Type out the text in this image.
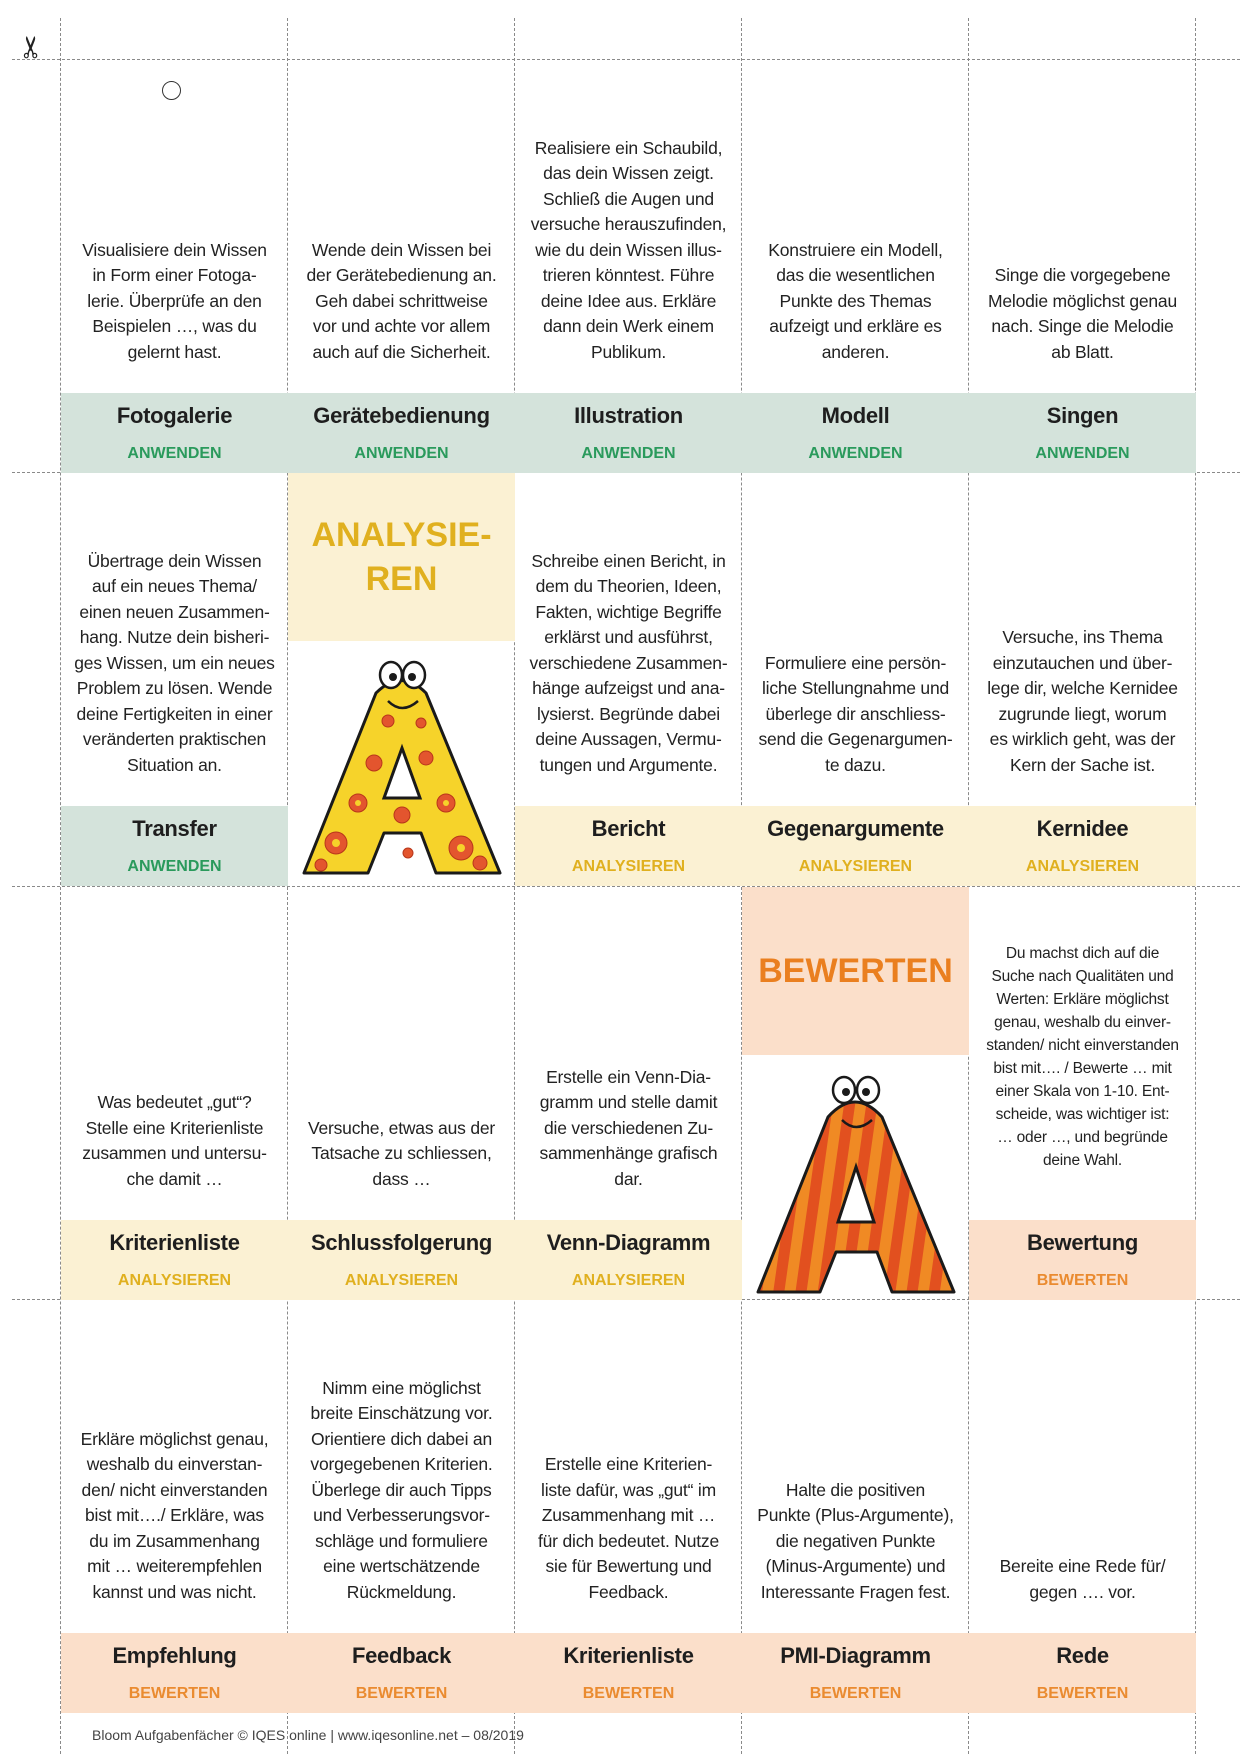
✂
Visualisiere dein Wissen
in Form einer Fotoga-
lerie. Überprüfe an den
Beispielen …, was du
gelernt hast.
Fotogalerie
ANWENDEN
Wende dein Wissen bei
der Gerätebedienung an.
Geh dabei schrittweise
vor und achte vor allem
auch auf die Sicherheit.
Gerätebedienung
ANWENDEN
Realisiere ein Schaubild,
das dein Wissen zeigt.
Schließ die Augen und
versuche herauszufinden,
wie du dein Wissen illus-
trieren könntest. Führe
deine Idee aus. Erkläre
dann dein Werk einem
Publikum.
Illustration
ANWENDEN
Konstruiere ein Modell,
das die wesentlichen
Punkte des Themas
aufzeigt und erkläre es
anderen.
Modell
ANWENDEN
Singe die vorgegebene
Melodie möglichst genau
nach. Singe die Melodie
ab Blatt.
Singen
ANWENDEN
Übertrage dein Wissen
auf ein neues Thema/
einen neuen Zusammen-
hang. Nutze dein bisheri-
ges Wissen, um ein neues
Problem zu lösen. Wende
deine Fertigkeiten in einer
veränderten praktischen
Situation an.
Transfer
ANWENDEN
ANALYSIE-
REN	Schreibe einen Bericht, in
dem du Theorien, Ideen,
Fakten, wichtige Begriffe
erklärst und ausführst,
verschiedene Zusammen-
hänge aufzeigst und ana-
lysierst. Begründe dabei
deine Aussagen, Vermu-
tungen und Argumente.
Bericht
ANALYSIEREN
Formuliere eine persön-
liche Stellungnahme und
überlege dir anschliess-
send die Gegenargumen-
te dazu.
Gegenargumente
ANALYSIEREN
Versuche, ins Thema
einzutauchen und über-
lege dir, welche Kernidee
zugrunde liegt, worum
es wirklich geht, was der
Kern der Sache ist.
Kernidee
ANALYSIEREN
Was bedeutet „gut“?
Stelle eine Kriterienliste
zusammen und untersu-
che damit …
Kriterienliste
ANALYSIEREN
Versuche, etwas aus der
Tatsache zu schliessen,
dass …
Schlussfolgerung
ANALYSIEREN
Erstelle ein Venn-Dia-
gramm und stelle damit
die verschiedenen Zu-
sammenhänge grafisch
dar.
Venn-Diagramm
ANALYSIEREN
BEWERTEN	Du machst dich auf die
Suche nach Qualitäten und
Werten: Erkläre möglichst
genau, weshalb du einver-
standen/ nicht einverstanden
bist mit…. / Bewerte … mit
einer Skala von 1-10. Ent-
scheide, was wichtiger ist:
… oder …, und begründe
deine Wahl.
Bewertung
BEWERTEN
Erkläre möglichst genau,
weshalb du einverstan-
den/ nicht einverstanden
bist mit…./ Erkläre, was
du im Zusammenhang
mit … weiterempfehlen
kannst und was nicht.
Empfehlung
BEWERTEN
Nimm eine möglichst
breite Einschätzung vor.
Orientiere dich dabei an
vorgegebenen Kriterien.
Überlege dir auch Tipps
und Verbesserungsvor-
schläge und formuliere
eine wertschätzende
Rückmeldung.
Feedback
BEWERTEN
Erstelle eine Kriterien-
liste dafür, was „gut“ im
Zusammenhang mit …
für dich bedeutet. Nutze
sie für Bewertung und
Feedback.
Kriterienliste
BEWERTEN
Halte die positiven
Punkte (Plus-Argumente),
die negativen Punkte
(Minus-Argumente) und
Interessante Fragen fest.
PMI-Diagramm
BEWERTEN
Bereite eine Rede für/
gegen …. vor.
Rede
BEWERTEN
Bloom Aufgabenfächer © IQES online | www.iqesonline.net – 08/2019
